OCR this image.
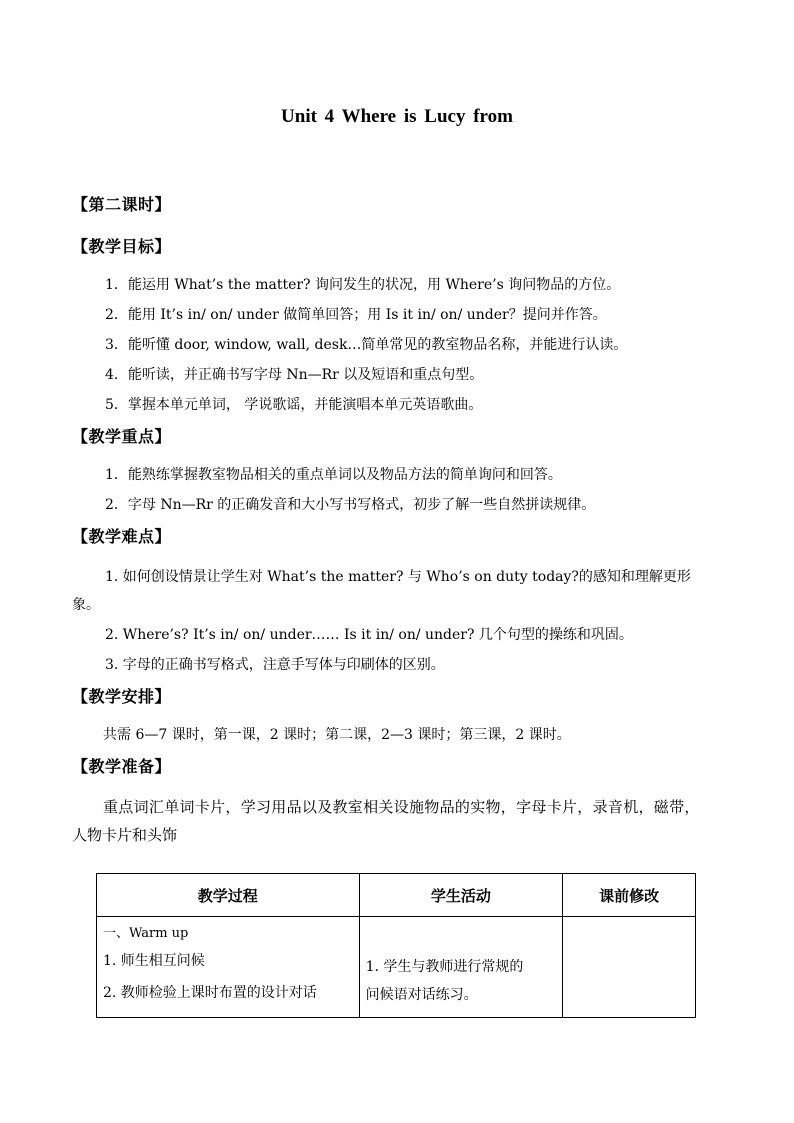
Unit 4 Where is Lucy from
【第二课时】
【教学目标】
1．能运用 What’s the matter? 询问发生的状况，用 Where’s 询问物品的方位。
2．能用 It’s in/ on/ under 做简单回答；用 Is it in/ on/ under？提问并作答。
3．能听懂 door, window, wall, desk…简单常见的教室物品名称，并能进行认读。
4．能听读，并正确书写字母 Nn—Rr 以及短语和重点句型。
5．掌握本单元单词， 学说歌谣，并能演唱本单元英语歌曲。
【教学重点】
1．能熟练掌握教室物品相关的重点单词以及物品方法的简单询问和回答。
2．字母 Nn—Rr 的正确发音和大小写书写格式，初步了解一些自然拼读规律。
【教学难点】
1. 如何创设情景让学生对 What’s the matter? 与 Who’s on duty today?的感知和理解更形
象。
2. Where’s? It’s in/ on/ under…… Is it in/ on/ under? 几个句型的操练和巩固。
3. 字母的正确书写格式，注意手写体与印刷体的区别。
【教学安排】
共需 6—7 课时，第一课，2 课时；第二课，2—3 课时；第三课，2 课时。
【教学准备】
重点词汇单词卡片，学习用品以及教室相关设施物品的实物，字母卡片，录音机，磁带，
人物卡片和头饰
教学过程	学生活动	课前修改

一、Warm up
1. 师生相互问候
2. 教师检验上课时布置的设计对话	1. 学生与教师进行常规的
问候语对话练习。	
